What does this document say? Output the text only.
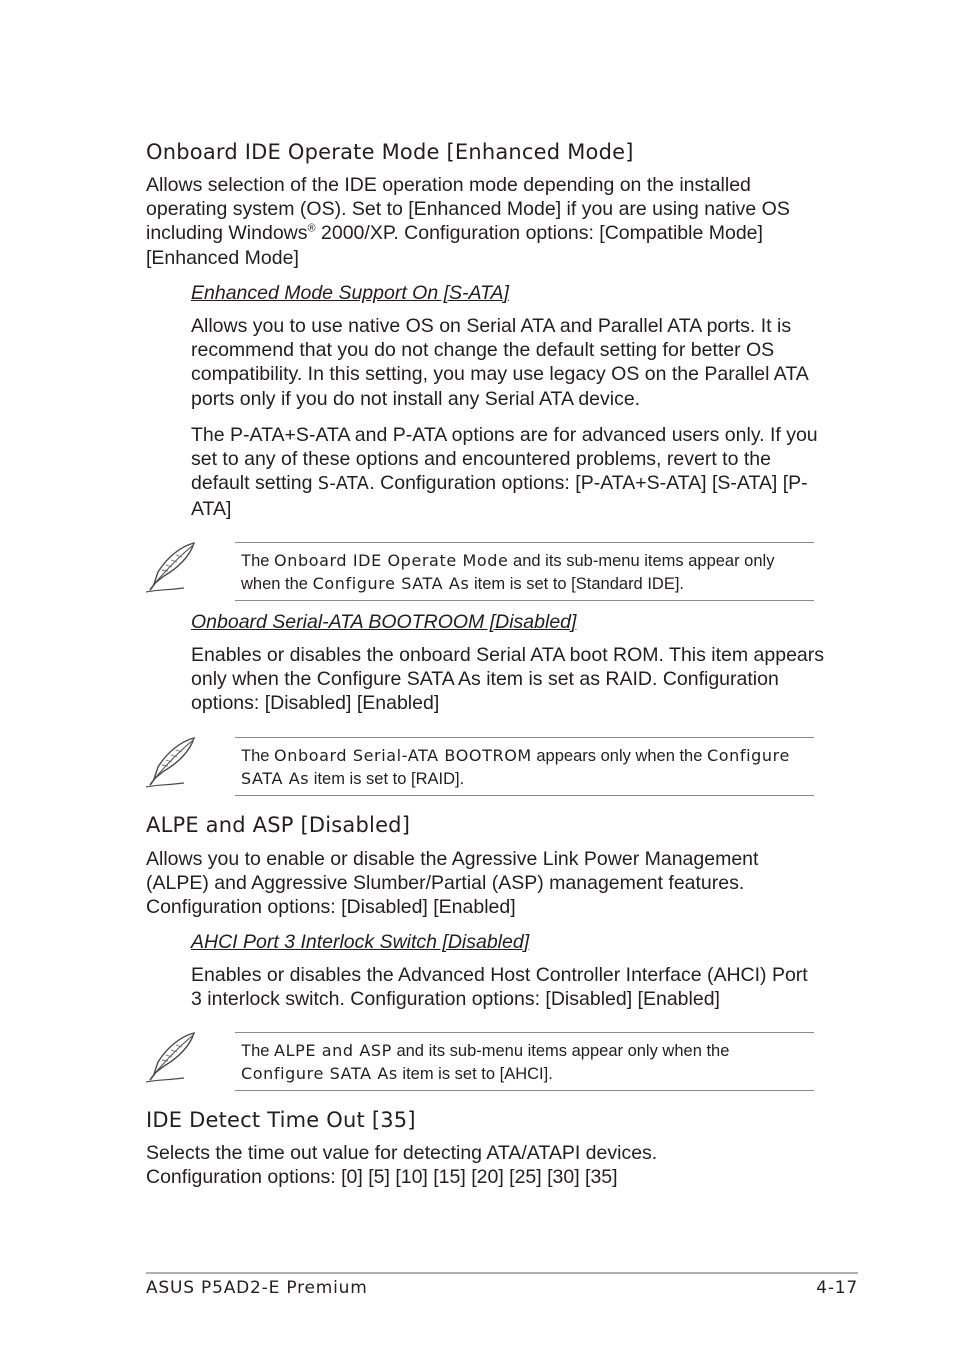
Onboard IDE Operate Mode [Enhanced Mode]

Allows selection of the IDE operation mode depending on the installed operating system (OS). Set to [Enhanced Mode] if you are using native OS including Windows® 2000/XP. Configuration options: [Compatible Mode] [Enhanced Mode]

Enhanced Mode Support On [S-ATA]

Allows you to use native OS on Serial ATA and Parallel ATA ports. It is recommend that you do not change the default setting for better OS compatibility. In this setting, you may use legacy OS on the Parallel ATA ports only if you do not install any Serial ATA device.

The P-ATA+S-ATA and P-ATA options are for advanced users only. If you set to any of these options and encountered problems, revert to the default setting S-ATA. Configuration options: [P-ATA+S-ATA] [S-ATA] [P-ATA]

The Onboard IDE Operate Mode and its sub-menu items appear only when the Configure SATA As item is set to [Standard IDE].

Onboard Serial-ATA BOOTROOM [Disabled]

Enables or disables the onboard Serial ATA boot ROM. This item appears only when the Configure SATA As item is set as RAID. Configuration options: [Disabled] [Enabled]

The Onboard Serial-ATA BOOTROM appears only when the Configure SATA As item is set to [RAID].

ALPE and ASP [Disabled]

Allows you to enable or disable the Agressive Link Power Management (ALPE) and Aggressive Slumber/Partial (ASP) management features. Configuration options: [Disabled] [Enabled]

AHCI Port 3 Interlock Switch [Disabled]

Enables or disables the Advanced Host Controller Interface (AHCI) Port 3 interlock switch. Configuration options: [Disabled] [Enabled]

The ALPE and ASP and its sub-menu items appear only when the Configure SATA As item is set to [AHCI].

IDE Detect Time Out [35]

Selects the time out value for detecting ATA/ATAPI devices. Configuration options: [0] [5] [10] [15] [20] [25] [30] [35]

ASUS P5AD2-E Premium	4-17
